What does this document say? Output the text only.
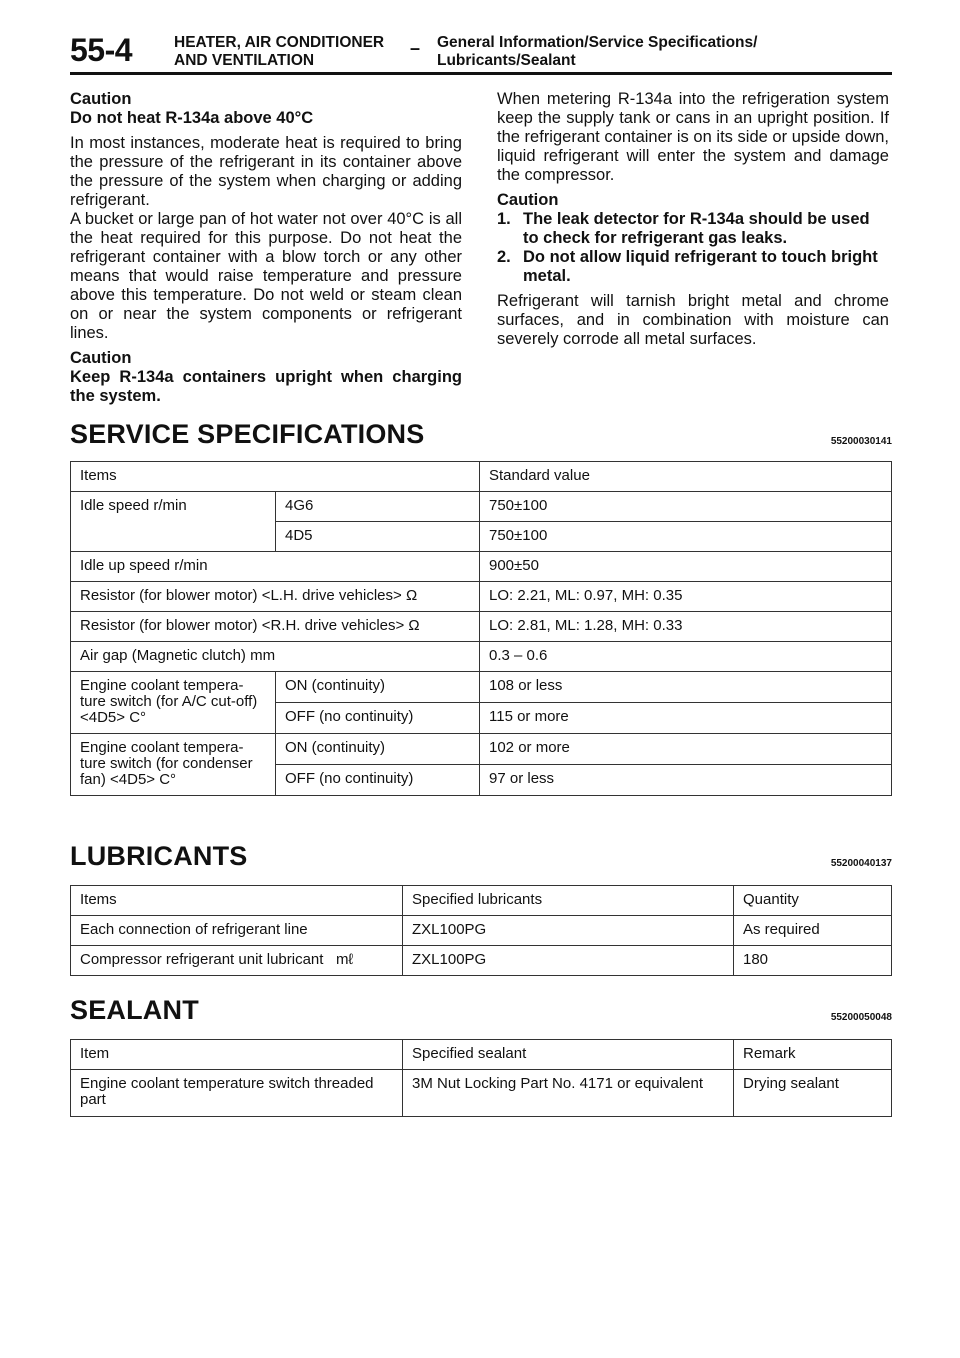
55-4	HEATER, AIR CONDITIONER
AND VENTILATION
– General Information/Service Specifications/
Lubricants/Sealant
Caution

Do not heat R-134a above 40°C

In most instances, moderate heat is required to bring the pressure of the refrigerant in its container above the pressure of the system when charging or adding refrigerant.

A bucket or large pan of hot water not over 40°C is all the heat required for this purpose. Do not heat the refrigerant container with a blow torch or any other means that would raise temperature and pressure above this temperature. Do not weld or steam clean on or near the system components or refrigerant lines.

Caution

Keep R-134a containers upright when charging the system.

When metering R-134a into the refrigeration system keep the supply tank or cans in an upright position. If the refrigerant container is on its side or upside down, liquid refrigerant will enter the system and damage the compressor.

Caution
1. The leak detector for R-134a should be used to check for refrigerant gas leaks.
2. Do not allow liquid refrigerant to touch bright metal.

Refrigerant will tarnish bright metal and chrome surfaces, and in combination with moisture can severely corrode all metal surfaces.

SERVICE SPECIFICATIONS	55200030141
Items		Standard value
Idle speed r/min	4G6	750±100
	4D5	750±100
Idle up speed r/min		900±50
Resistor (for blower motor) <L.H. drive vehicles> Ω		LO: 2.21, ML: 0.97, MH: 0.35
Resistor (for blower motor) <R.H. drive vehicles> Ω		LO: 2.81, ML: 1.28, MH: 0.33
Air gap (Magnetic clutch) mm		0.3 – 0.6
Engine coolant tempera- ture switch (for A/C cut-off) <4D5> C°	ON (continuity)	108 or less
	OFF (no continuity)	115 or more
Engine coolant tempera- ture switch (for condenser fan) <4D5> C°	ON (continuity)	102 or more
	OFF (no continuity)	97 or less
LUBRICANTS	55200040137
Items	Specified lubricants	Quantity
Each connection of refrigerant line	ZXL100PG	As required
Compressor refrigerant unit lubricant   mℓ	ZXL100PG	180
SEALANT	55200050048
Item	Specified sealant	Remark
Engine coolant temperature switch threaded part	3M Nut Locking Part No. 4171 or equivalent	Drying sealant
